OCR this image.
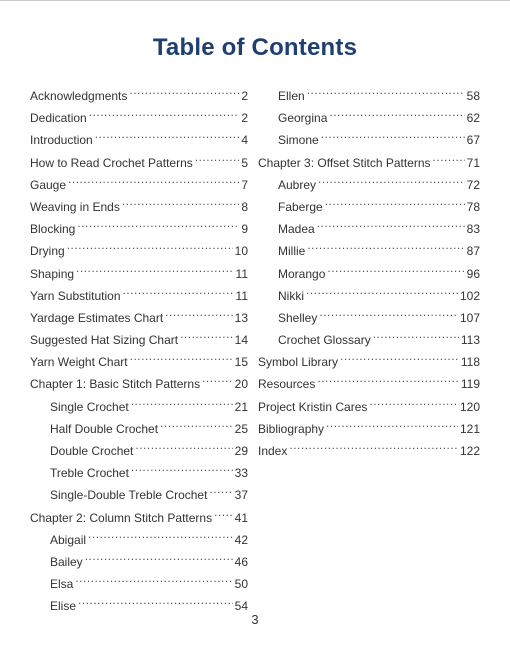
Table of Contents
Acknowledgments .....	2
Dedication .....	2
Introduction .....	4
How to Read Crochet Patterns .....	5
Gauge .....	7
Weaving in Ends .....	8
Blocking .....	9
Drying .....	10
Shaping .....	11
Yarn Substitution .....	11
Yardage Estimates Chart .....	13
Suggested Hat Sizing Chart .....	14
Yarn Weight Chart .....	15
Chapter 1: Basic Stitch Patterns .....	20
Single Crochet .....	21
Half Double Crochet .....	25
Double Crochet .....	29
Treble Crochet .....	33
Single-Double Treble Crochet ..... 37
Chapter 2: Column Stitch Patterns ..... 41
Abigail .....	42
Bailey .....	46
Elsa .....	50
Elise .....	54
Ellen .....	58
Georgina .....	62
Simone .....	67
Chapter 3: Offset Stitch Patterns .....	71
Aubrey .....	72
Faberge .....	78
Madea .....	83
Millie .....	87
Morango .....	96
Nikki .....	102
Shelley .....	107
Crochet Glossary .....	113
Symbol Library .....	118
Resources .....	119
Project Kristin Cares .....	120
Bibliography .....	121
Index .....	122
3
